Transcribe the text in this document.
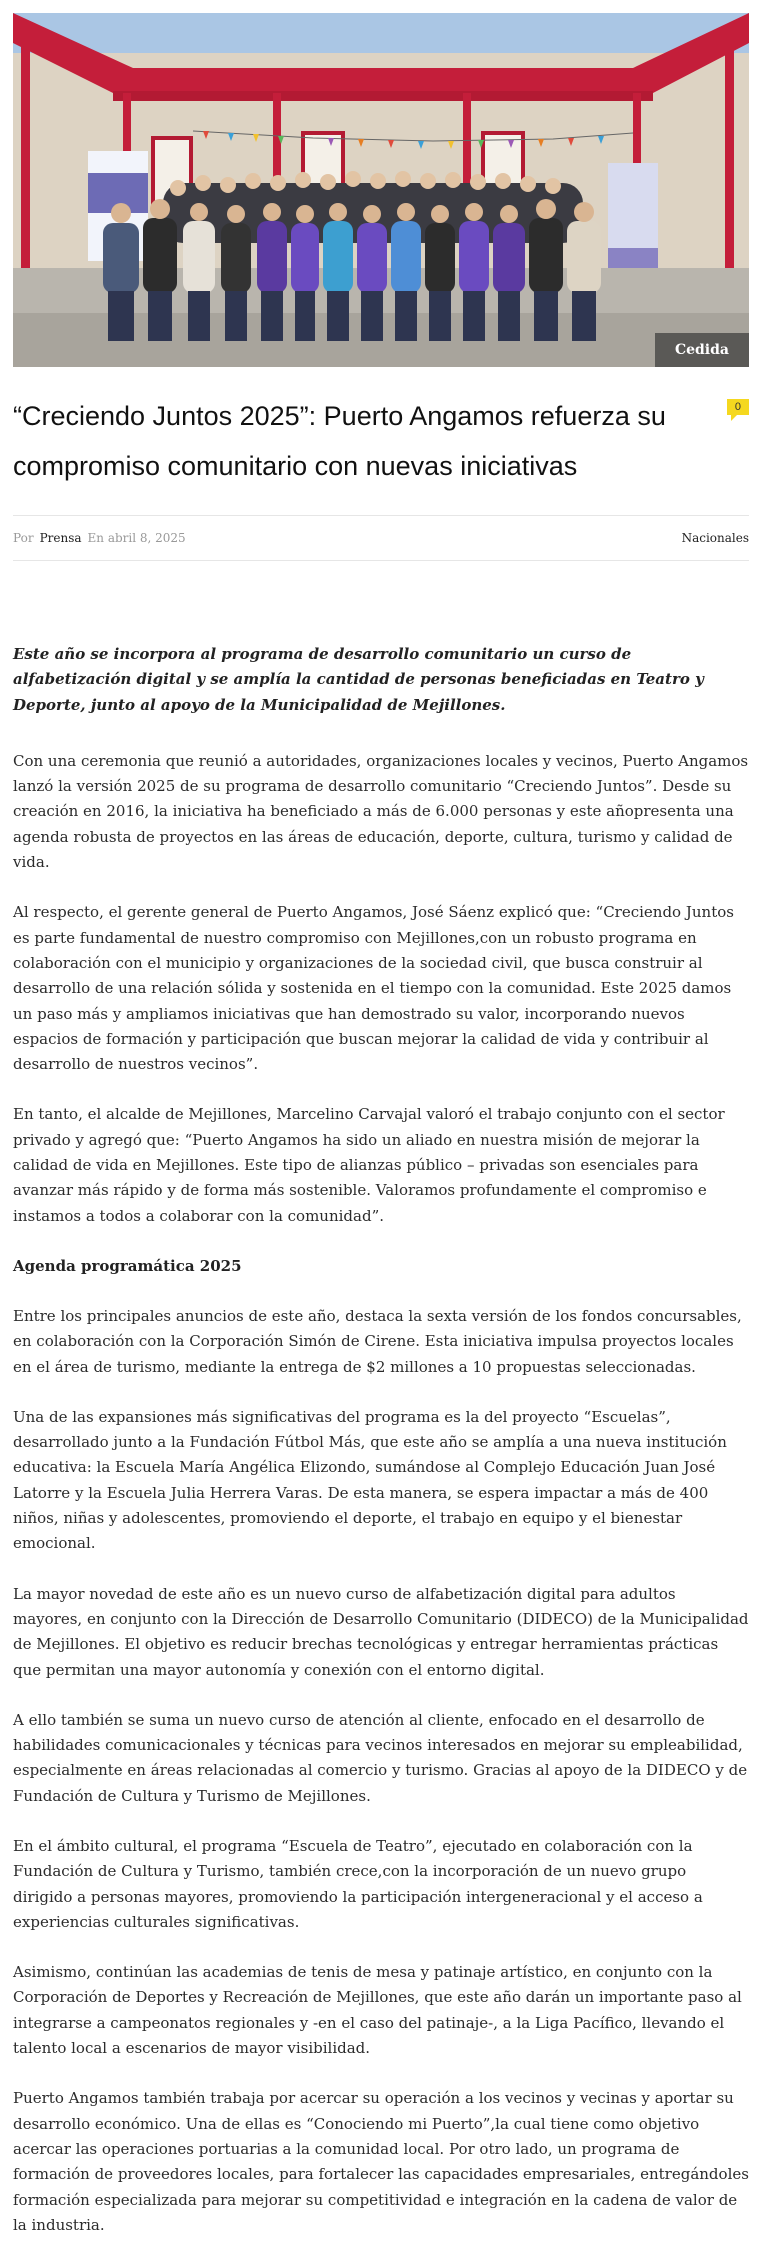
Cedida
“Creciendo Juntos 2025”: Puerto Angamos refuerza su compromiso comunitario con nuevas iniciativas
0
Por Prensa En abril 8, 2025	Nacionales

Este año se incorpora al programa de desarrollo comunitario un curso de alfabetización digital y se amplía la cantidad de personas beneficiadas en Teatro y Deporte, junto al apoyo de la Municipalidad de Mejillones.

Con una ceremonia que reunió a autoridades, organizaciones locales y vecinos, Puerto Angamos lanzó la versión 2025 de su programa de desarrollo comunitario “Creciendo Juntos”. Desde su creación en 2016, la iniciativa ha beneficiado a más de 6.000 personas y este añopresenta una agenda robusta de proyectos en las áreas de educación, deporte, cultura, turismo y calidad de vida.

Al respecto, el gerente general de Puerto Angamos, José Sáenz explicó que: “Creciendo Juntos es parte fundamental de nuestro compromiso con Mejillones,con un robusto programa en colaboración con el municipio y organizaciones de la sociedad civil, que busca construir al desarrollo de una relación sólida y sostenida en el tiempo con la comunidad. Este 2025 damos un paso más y ampliamos iniciativas que han demostrado su valor, incorporando nuevos espacios de formación y participación que buscan mejorar la calidad de vida y contribuir al desarrollo de nuestros vecinos”.

En tanto, el alcalde de Mejillones, Marcelino Carvajal valoró el trabajo conjunto con el sector privado y agregó que: “Puerto Angamos ha sido un aliado en nuestra misión de mejorar la calidad de vida en Mejillones. Este tipo de alianzas público – privadas son esenciales para avanzar más rápido y de forma más sostenible. Valoramos profundamente el compromiso e instamos a todos a colaborar con la comunidad”.

Agenda programática 2025

Entre los principales anuncios de este año, destaca la sexta versión de los fondos concursables, en colaboración con la Corporación Simón de Cirene. Esta iniciativa impulsa proyectos locales en el área de turismo, mediante la entrega de $2 millones a 10 propuestas seleccionadas.

Una de las expansiones más significativas del programa es la del proyecto “Escuelas”, desarrollado junto a la Fundación Fútbol Más, que este año se amplía a una nueva institución educativa: la Escuela María Angélica Elizondo, sumándose al Complejo Educación Juan José Latorre y la Escuela Julia Herrera Varas. De esta manera, se espera impactar a más de 400 niños, niñas y adolescentes, promoviendo el deporte, el trabajo en equipo y el bienestar emocional.

La mayor novedad de este año es un nuevo curso de alfabetización digital para adultos mayores, en conjunto con la Dirección de Desarrollo Comunitario (DIDECO) de la Municipalidad de Mejillones. El objetivo es reducir brechas tecnológicas y entregar herramientas prácticas que permitan una mayor autonomía y conexión con el entorno digital.

A ello también se suma un nuevo curso de atención al cliente, enfocado en el desarrollo de habilidades comunicacionales y técnicas para vecinos interesados en mejorar su empleabilidad, especialmente en áreas relacionadas al comercio y turismo. Gracias al apoyo de la DIDECO y de Fundación de Cultura y Turismo de Mejillones.

En el ámbito cultural, el programa “Escuela de Teatro”, ejecutado en colaboración con la Fundación de Cultura y Turismo, también crece,con la incorporación de un nuevo grupo dirigido a personas mayores, promoviendo la participación intergeneracional y el acceso a experiencias culturales significativas.

Asimismo, continúan las academias de tenis de mesa y patinaje artístico, en conjunto con la Corporación de Deportes y Recreación de Mejillones, que este año darán un importante paso al integrarse a campeonatos regionales y -en el caso del patinaje-, a la Liga Pacífico, llevando el talento local a escenarios de mayor visibilidad.

Puerto Angamos también trabaja por acercar su operación a los vecinos y vecinas y aportar su desarrollo económico. Una de ellas es “Conociendo mi Puerto”,la cual tiene como objetivo acercar las operaciones portuarias a la comunidad local. Por otro lado, un programa de formación de proveedores locales, para fortalecer las capacidades empresariales, entregándoles formación especializada para mejorar su competitividad e integración en la cadena de valor de la industria.
